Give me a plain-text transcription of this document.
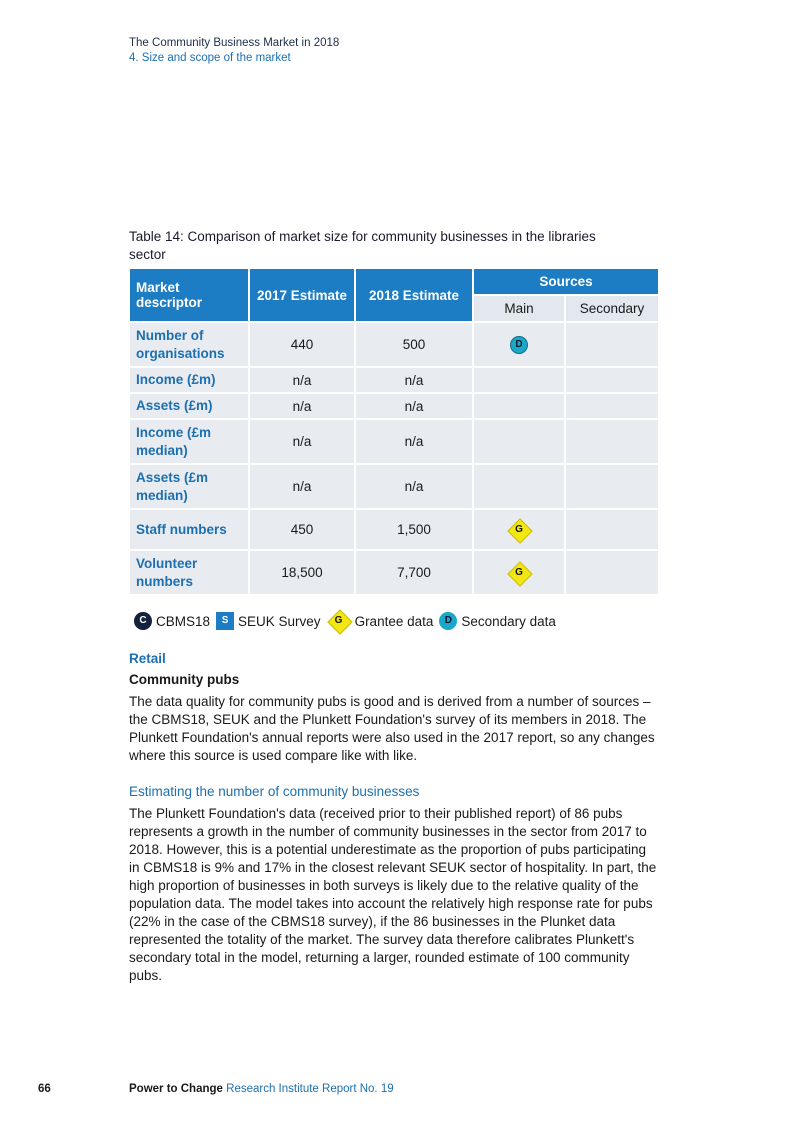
The Community Business Market in 2018
4. Size and scope of the market
Table 14: Comparison of market size for community businesses in the libraries sector
Market descriptor	2017 Estimate	2018 Estimate	Sources	
			Main	Secondary
Number of organisations	440	500	D	
Income (£m)	n/a	n/a		
Assets (£m)	n/a	n/a		
Income (£m median)	n/a	n/a		
Assets (£m median)	n/a	n/a		
Staff numbers	450	1,500	G	

Volunteer numbers	18,500	7,700	G	

C CBMS18	S SEUK Survey	G Grantee data	D Secondary data
Retail
Community pubs
The data quality for community pubs is good and is derived from a number of sources – the CBMS18, SEUK and the Plunkett Foundation's survey of its members in 2018. The Plunkett Foundation's annual reports were also used in the 2017 report, so any changes where this source is used compare like with like.
Estimating the number of community businesses
The Plunkett Foundation's data (received prior to their published report) of 86 pubs represents a growth in the number of community businesses in the sector from 2017 to 2018. However, this is a potential underestimate as the proportion of pubs participating in CBMS18 is 9% and 17% in the closest relevant SEUK sector of hospitality. In part, the high proportion of businesses in both surveys is likely due to the relative quality of the population data. The model takes into account the relatively high response rate for pubs (22% in the case of the CBMS18 survey), if the 86 businesses in the Plunket data represented the totality of the market. The survey data therefore calibrates Plunkett's secondary total in the model, returning a larger, rounded estimate of 100 community pubs.
66	Power to Change Research Institute Report No. 19
